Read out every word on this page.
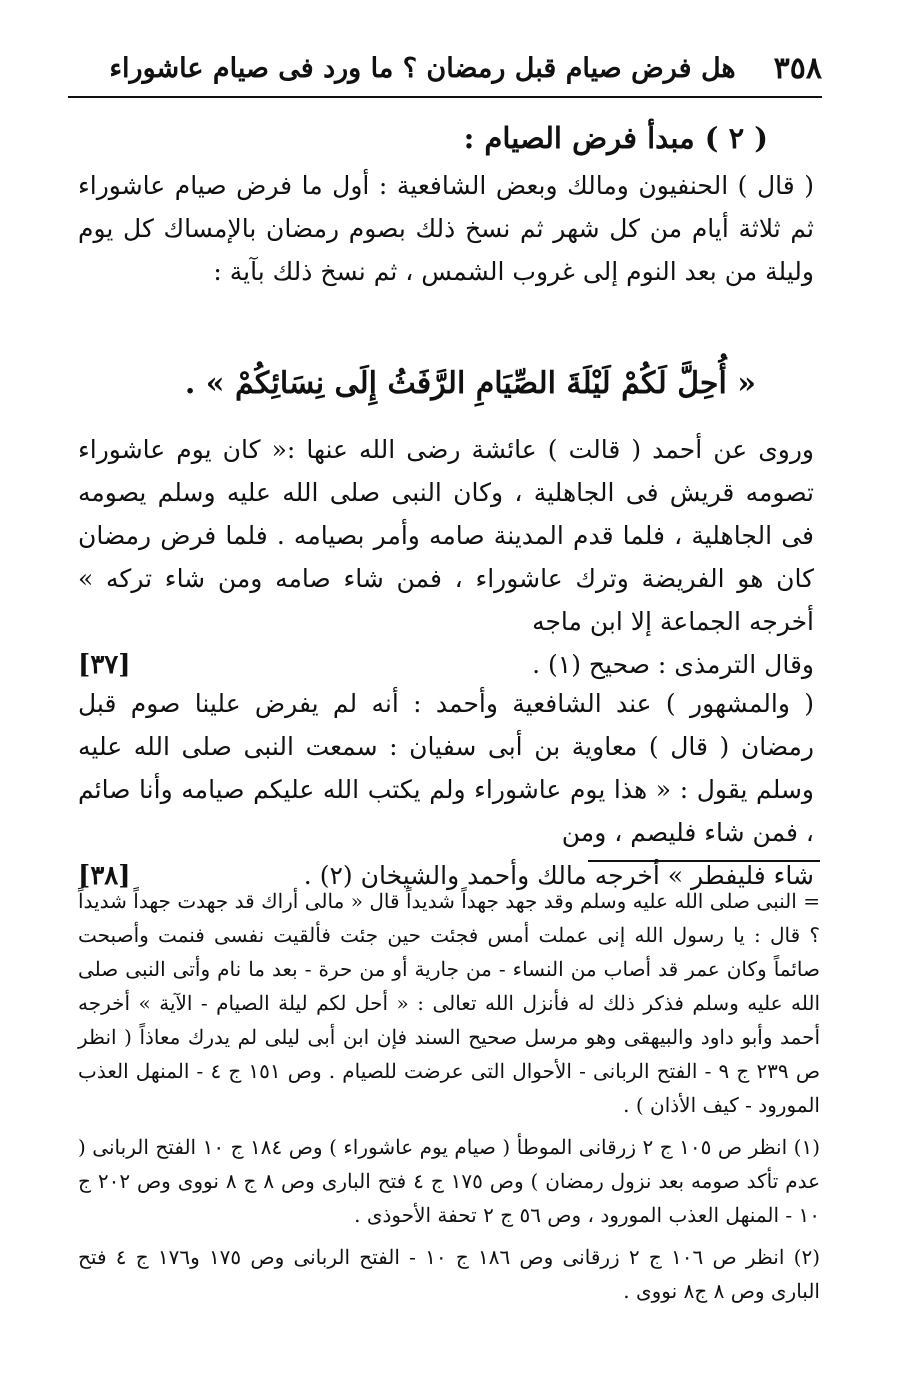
٣٥٨
هل فرض صيام قبل رمضان ؟ ما ورد فى صيام عاشوراء
( ٢ ) مبدأ فرض الصيام :

( قال ) الحنفيون ومالك وبعض الشافعية : أول ما فرض صيام عاشوراء ثم ثلاثة أيام من كل شهر ثم نسخ ذلك بصوم رمضان بالإمساك كل يوم وليلة من بعد النوم إلى غروب الشمس ، ثم نسخ ذلك بآية :

« أُحِلَّ لَكُمْ لَيْلَةَ الصِّيَامِ الرَّفَثُ إِلَى نِسَائِكُمْ » .
وروى عن أحمد ( قالت ) عائشة رضى الله عنها :« كان يوم عاشوراء تصومه قريش فى الجاهلية ، وكان النبى صلى الله عليه وسلم يصومه فى الجاهلية ، فلما قدم المدينة صامه وأمر بصيامه . فلما فرض رمضان كان هو الفريضة وترك عاشوراء ، فمن شاء صامه ومن شاء تركه » أخرجه الجماعة إلا ابن ماجه
وقال الترمذى : صحيح (١) .
[٣٧]
( والمشهور ) عند الشافعية وأحمد : أنه لم يفرض علينا صوم قبل رمضان ( قال ) معاوية بن أبى سفيان : سمعت النبى صلى الله عليه وسلم يقول : « هذا يوم عاشوراء ولم يكتب الله عليكم صيامه وأنا صائم ، فمن شاء فليصم ، ومن
شاء فليفطر » أخرجه مالك وأحمد والشيخان (٢) .
[٣٨]

= النبى صلى الله عليه وسلم وقد جهد جهداً شديداً قال « مالى أراك قد جهدت جهداً شديداً ؟ قال : يا رسول الله إنى عملت أمس فجئت حين جئت فألقيت نفسى فنمت وأصبحت صائماً وكان عمر قد أصاب من النساء - من جارية أو من حرة - بعد ما نام وأتى النبى صلى الله عليه وسلم فذكر ذلك له فأنزل الله تعالى : « أحل لكم ليلة الصيام - الآية » أخرجه أحمد وأبو داود والبيهقى وهو مرسل صحيح السند فإن ابن أبى ليلى لم يدرك معاذاً ( انظر ص ٢٣٩ ج ٩ - الفتح الربانى - الأحوال التى عرضت للصيام . وص ١٥١ ج ٤ - المنهل العذب المورود - كيف الأذان ) .

(١) انظر ص ١٠٥ ج ٢ زرقانى الموطأ ( صيام يوم عاشوراء ) وص ١٨٤ ج ١٠ الفتح الربانى ( عدم تأكد صومه بعد نزول رمضان ) وص ١٧٥ ج ٤ فتح البارى وص ٨ ج ٨ نووى وص ٢٠٢ ج ١٠ - المنهل العذب المورود ، وص ٥٦ ج ٢ تحفة الأحوذى .

(٢) انظر ص ١٠٦ ج ٢ زرقانى وص ١٨٦ ج ١٠ - الفتح الربانى وص ١٧٥ و١٧٦ ج ٤ فتح البارى وص ٨ ج٨ نووى .
